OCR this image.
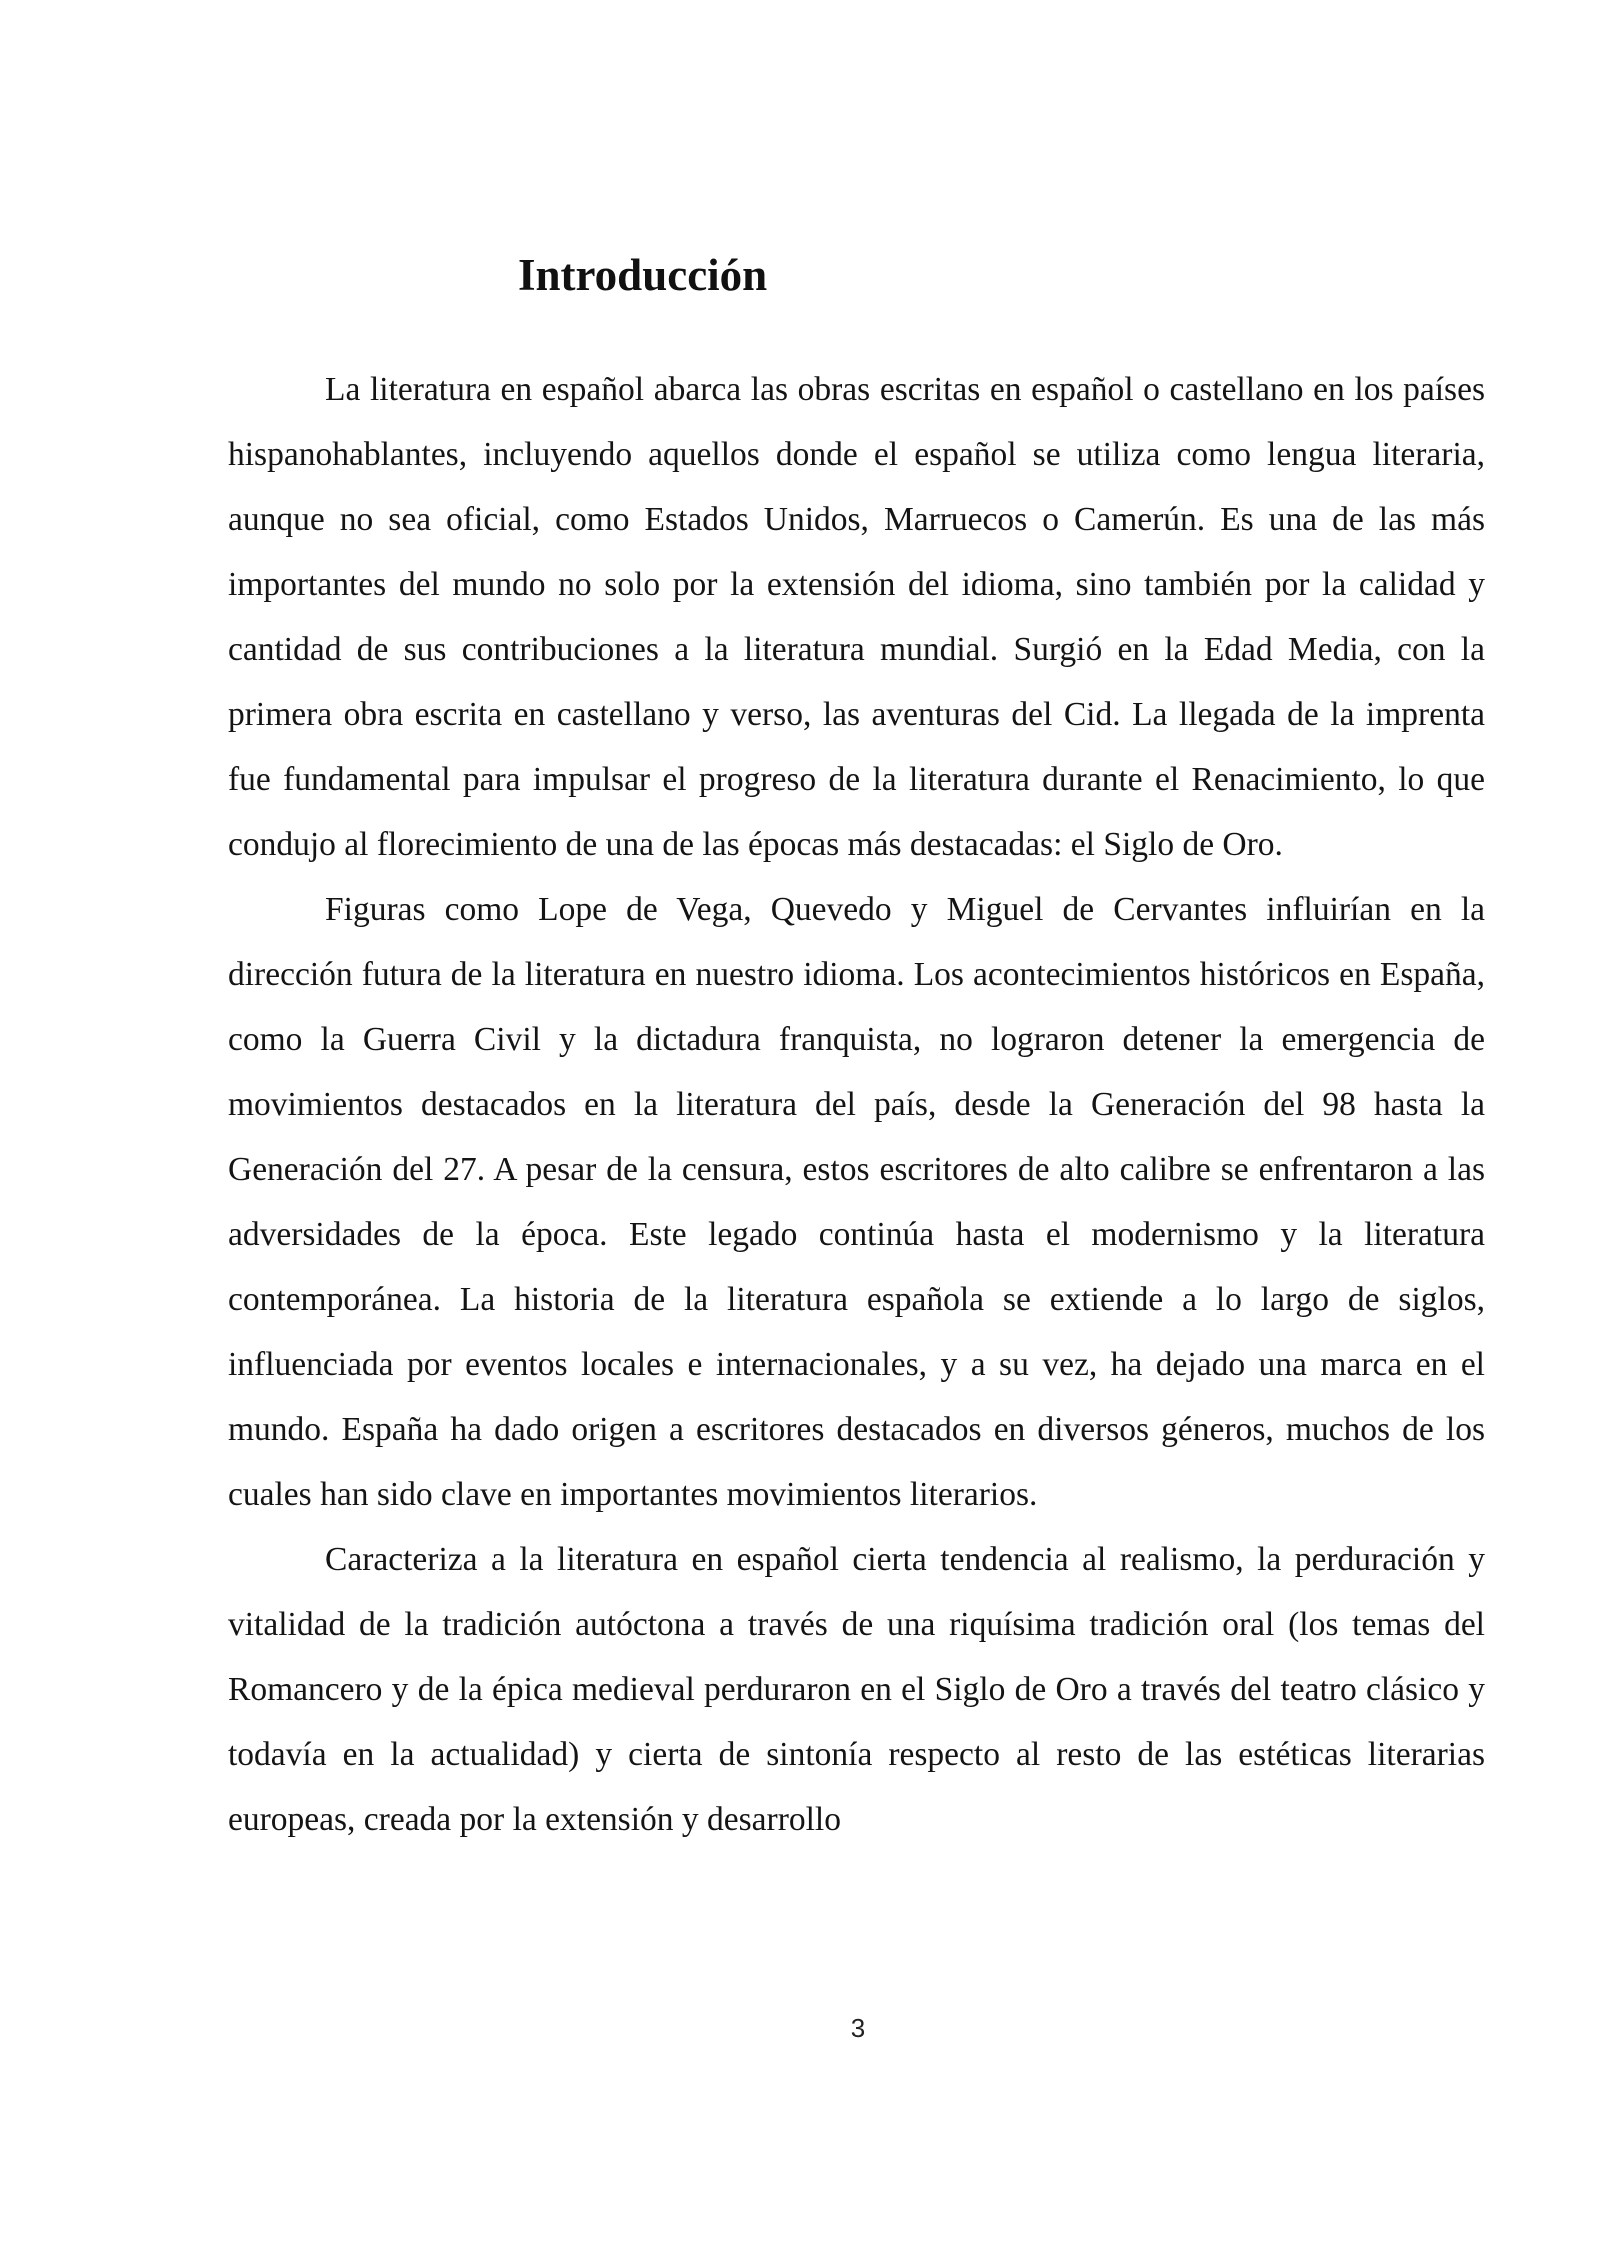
Introducción

La literatura en español abarca las obras escritas en español o castellano en los países hispanohablantes, incluyendo aquellos donde el español se utiliza como lengua literaria, aunque no sea oficial, como Estados Unidos, Marruecos o Camerún. Es una de las más importantes del mundo no solo por la extensión del idioma, sino también por la calidad y cantidad de sus contribuciones a la literatura mundial. Surgió en la Edad Media, con la primera obra escrita en castellano y verso, las aventuras del Cid. La llegada de la imprenta fue fundamental para impulsar el progreso de la literatura durante el Renacimiento, lo que condujo al florecimiento de una de las épocas más destacadas: el Siglo de Oro.

Figuras como Lope de Vega, Quevedo y Miguel de Cervantes influirían en la dirección futura de la literatura en nuestro idioma. Los acontecimientos históricos en España, como la Guerra Civil y la dictadura franquista, no lograron detener la emergencia de movimientos destacados en la literatura del país, desde la Generación del 98 hasta la Generación del 27. A pesar de la censura, estos escritores de alto calibre se enfrentaron a las adversidades de la época. Este legado continúa hasta el modernismo y la literatura contemporánea. La historia de la literatura española se extiende a lo largo de siglos, influenciada por eventos locales e internacionales, y a su vez, ha dejado una marca en el mundo. España ha dado origen a escritores destacados en diversos géneros, muchos de los cuales han sido clave en importantes movimientos literarios.

Caracteriza a la literatura en español cierta tendencia al realismo, la perduración y vitalidad de la tradición autóctona a través de una riquísima tradición oral (los temas del Romancero y de la épica medieval perduraron en el Siglo de Oro a través del teatro clásico y todavía en la actualidad) y cierta de sintonía respecto al resto de las estéticas literarias europeas, creada por la extensión y desarrollo

3
